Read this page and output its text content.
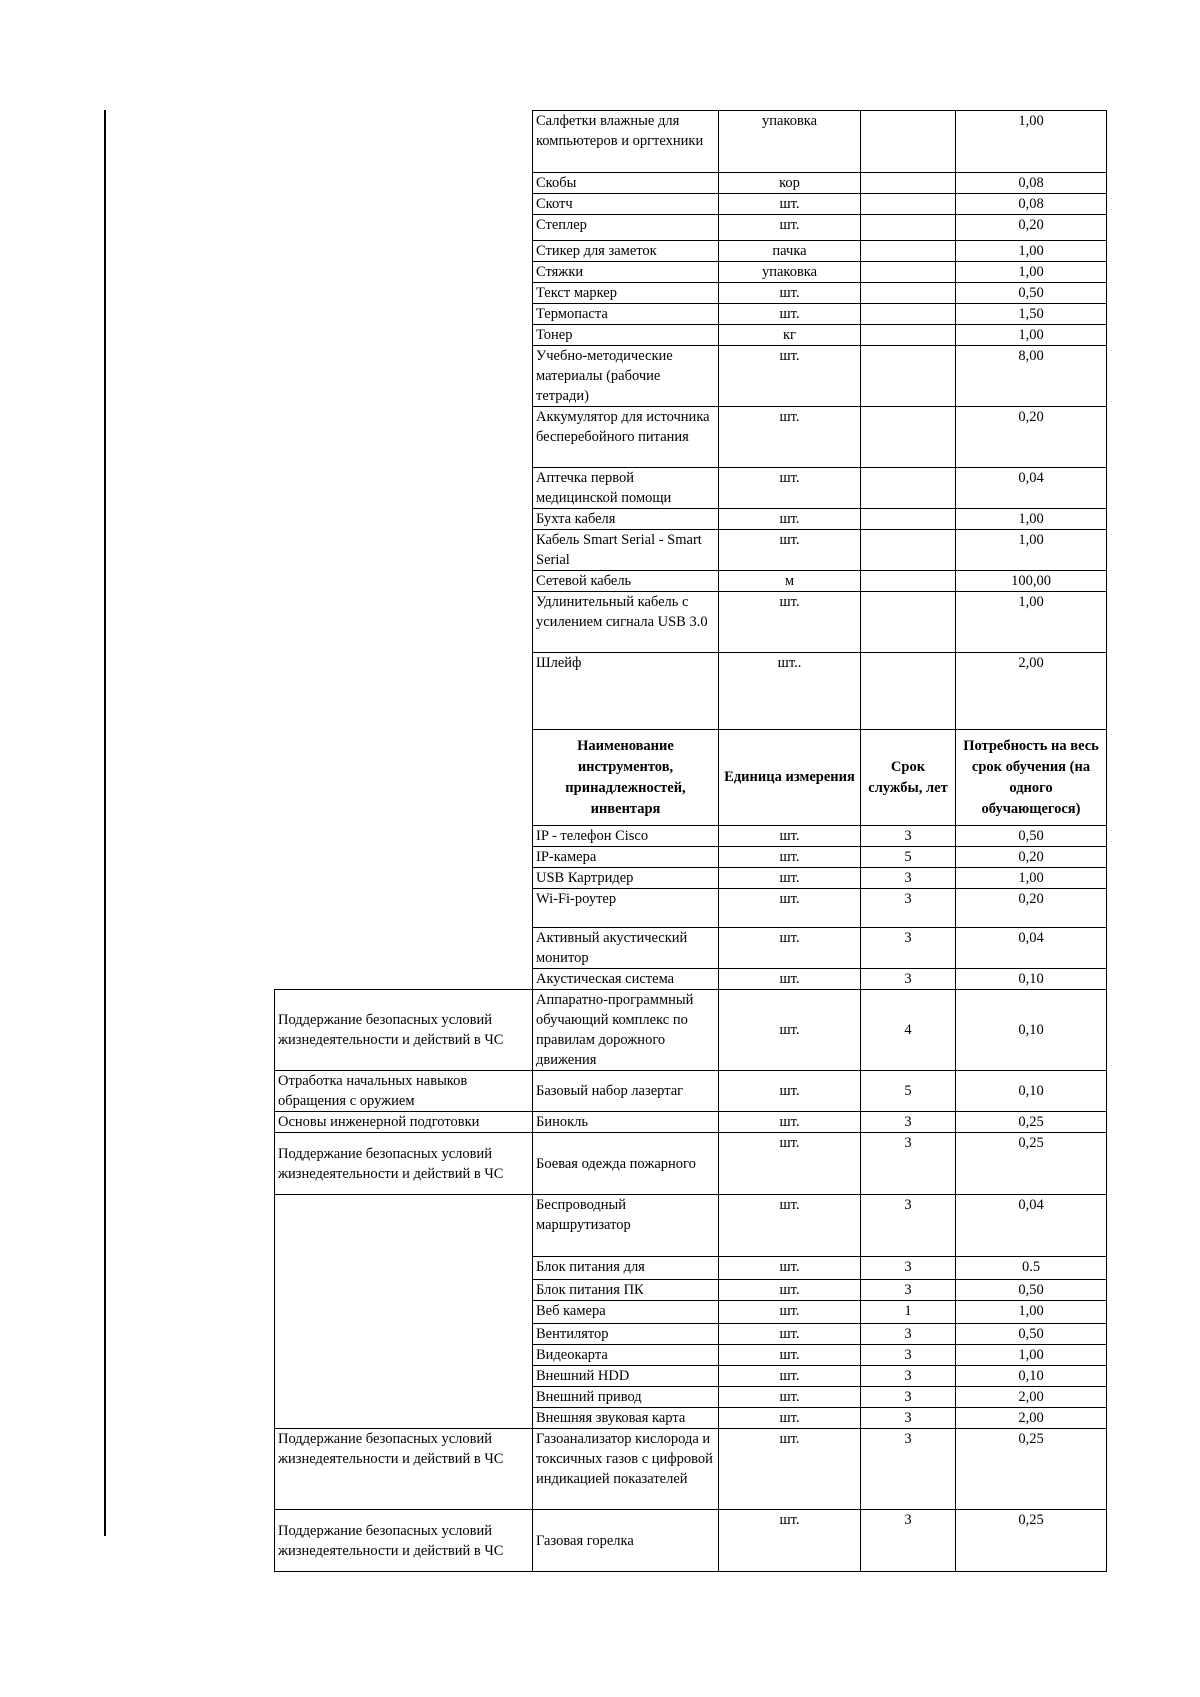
	Салфетки влажные для компьютеров и оргтехники	упаковка		1,00
	Скобы	кор		0,08
	Скотч	шт.		0,08
	Степлер	шт.		0,20
	Стикер для заметок	пачка		1,00
	Стяжки	упаковка		1,00
	Текст маркер	шт.		0,50
	Термопаста	шт.		1,50
	Тонер	кг		1,00
	Учебно-методические материалы (рабочие тетради)	шт.		8,00
	Аккумулятор для источника бесперебойного питания	шт.		0,20
	Аптечка первой медицинской помощи	шт.		0,04
	Бухта кабеля	шт.		1,00
	Кабель Smart Serial - Smart Serial	шт.		1,00
	Сетевой кабель	м		100,00
	Удлинительный кабель с усилением сигнала USB 3.0	шт.		1,00
	Шлейф	шт..		2,00
	Наименование инструментов, принадлежностей, инвентаря	Единица измерения	Срок службы, лет	Потребность на весь срок обучения (на одного обучающегося)
	IP - телефон Cisco	шт.	3	0,50
	IP-камера	шт.	5	0,20
	USB Картридер	шт.	3	1,00
	Wi-Fi-роутер	шт.	3	0,20
	Активный акустический монитор	шт.	3	0,04
	Акустическая система	шт.	3	0,10
Поддержание безопасных условий жизнедеятельности и действий в ЧС	Аппаратно-программный обучающий комплекс по правилам дорожного движения	шт.	4	0,10
Отработка начальных навыков обращения с оружием	Базовый набор лазертаг	шт.	5	0,10
Основы инженерной подготовки	Бинокль	шт.	3	0,25
Поддержание безопасных условий жизнедеятельности и действий в ЧС	Боевая одежда пожарного	шт.	3	0,25
	Беспроводный маршрутизатор	шт.	3	0,04
	Блок питания для	шт.	3	0.5
	Блок питания ПК	шт.	3	0,50
	Веб камера	шт.	1	1,00
	Вентилятор	шт.	3	0,50
	Видеокарта	шт.	3	1,00
	Внешний HDD	шт.	3	0,10
	Внешний привод	шт.	3	2,00
	Внешняя звуковая карта	шт.	3	2,00
Поддержание безопасных условий жизнедеятельности и действий в ЧС	Газоанализатор кислорода и токсичных газов с цифровой индикацией показателей	шт.	3	0,25
Поддержание безопасных условий жизнедеятельности и действий в ЧС	Газовая горелка	шт.	3	0,25
